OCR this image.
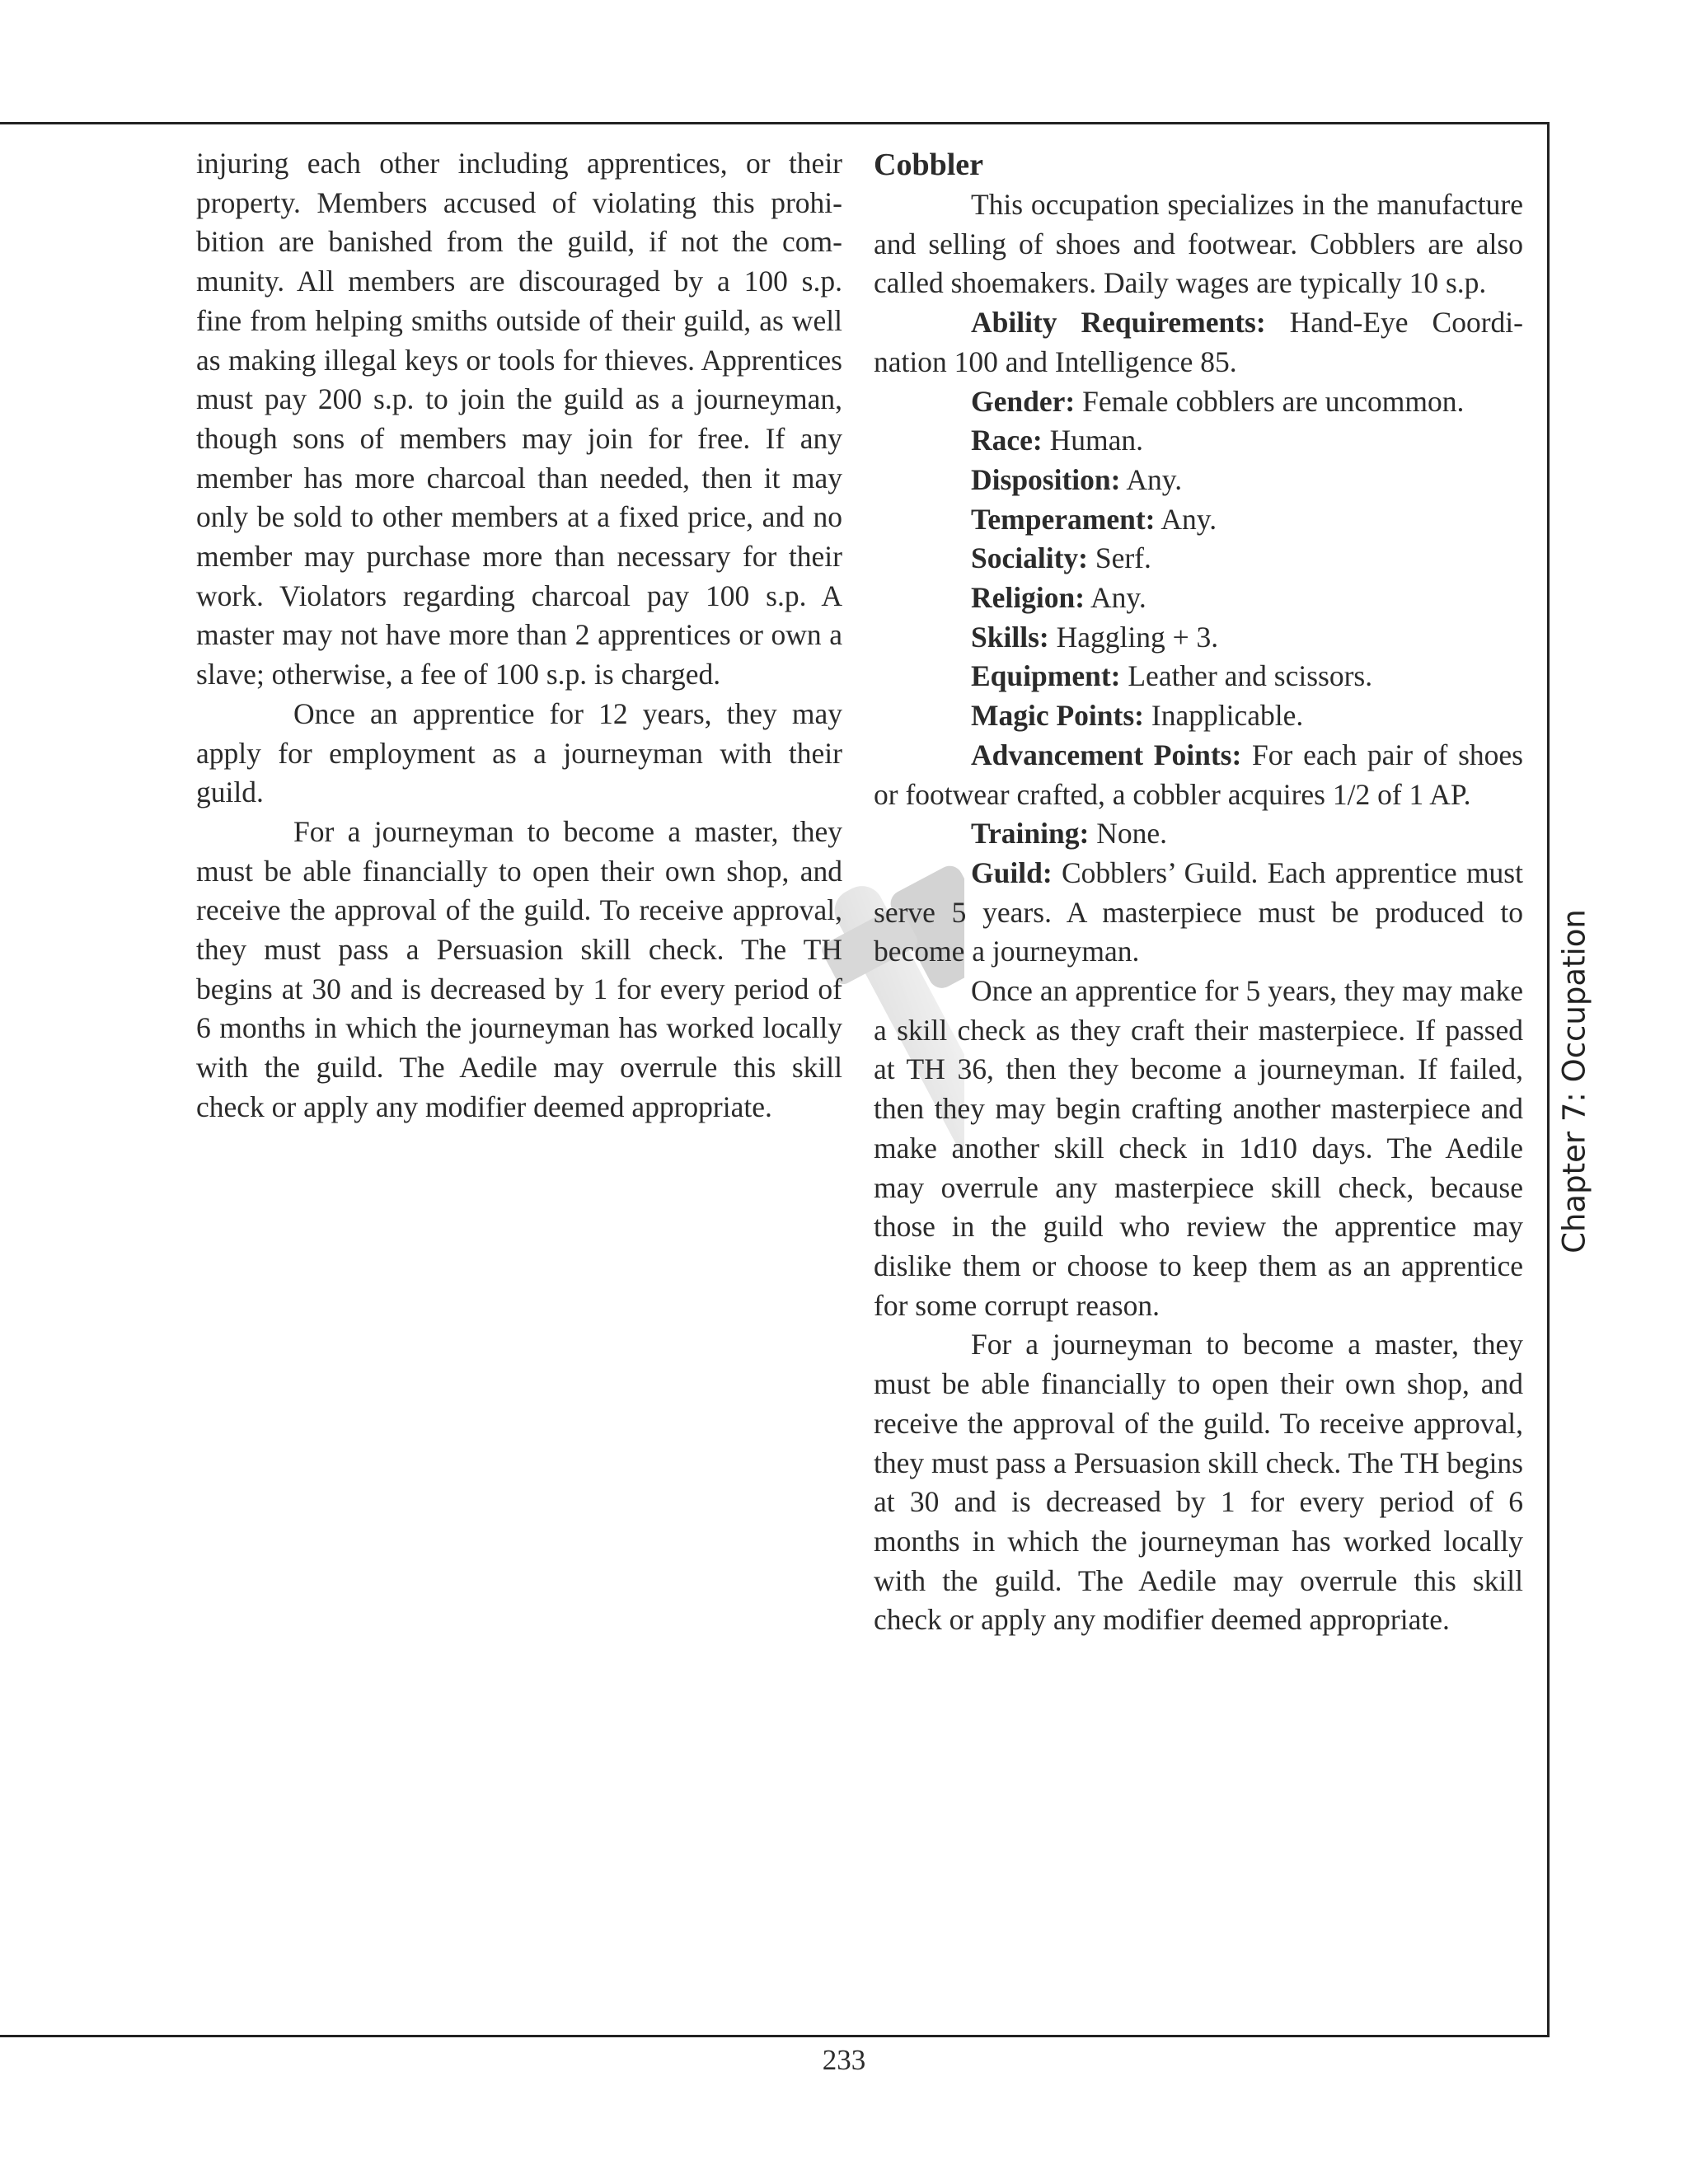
injuring each other including apprentices, or their property. Members accused of violating this prohibition are banished from the guild, if not the community. All members are discouraged by a 100 s.p. fine from helping smiths outside of their guild, as well as making illegal keys or tools for thieves. Apprentices must pay 200 s.p. to join the guild as a journeyman, though sons of members may join for free. If any member has more charcoal than needed, then it may only be sold to other members at a fixed price, and no member may purchase more than necessary for their work. Violators regarding charcoal pay 100 s.p. A master may not have more than 2 apprentices or own a slave; otherwise, a fee of 100 s.p. is charged.

Once an apprentice for 12 years, they may apply for employment as a journeyman with their guild.

For a journeyman to become a master, they must be able financially to open their own shop, and receive the approval of the guild. To receive approval, they must pass a Persuasion skill check. The TH begins at 30 and is decreased by 1 for every period of 6 months in which the journeyman has worked locally with the guild. The Aedile may overrule this skill check or apply any modifier deemed appropriate.

Cobbler

This occupation specializes in the manufacture and selling of shoes and footwear. Cobblers are also called shoemakers. Daily wages are typically 10 s.p.

Ability Requirements: Hand-Eye Coordination 100 and Intelligence 85.

Gender: Female cobblers are uncommon.

Race: Human.

Disposition: Any.

Temperament: Any.

Sociality: Serf.

Religion: Any.

Skills: Haggling + 3.

Equipment: Leather and scissors.

Magic Points: Inapplicable.

Advancement Points: For each pair of shoes or footwear crafted, a cobbler acquires 1/2 of 1 AP.

Training: None.

Guild: Cobblers’ Guild. Each apprentice must serve 5 years. A masterpiece must be produced to become a journeyman.

Once an apprentice for 5 years, they may make a skill check as they craft their masterpiece. If passed at TH 36, then they become a journeyman. If failed, then they may begin crafting another masterpiece and make another skill check in 1d10 days. The Aedile may overrule any masterpiece skill check, because those in the guild who review the apprentice may dislike them or choose to keep them as an apprentice for some corrupt reason.

For a journeyman to become a master, they must be able financially to open their own shop, and receive the approval of the guild. To receive approval, they must pass a Persuasion skill check. The TH begins at 30 and is decreased by 1 for every period of 6 months in which the journeyman has worked locally with the guild. The Aedile may overrule this skill check or apply any modifier deemed appropriate.

Chapter 7: Occupation
233
